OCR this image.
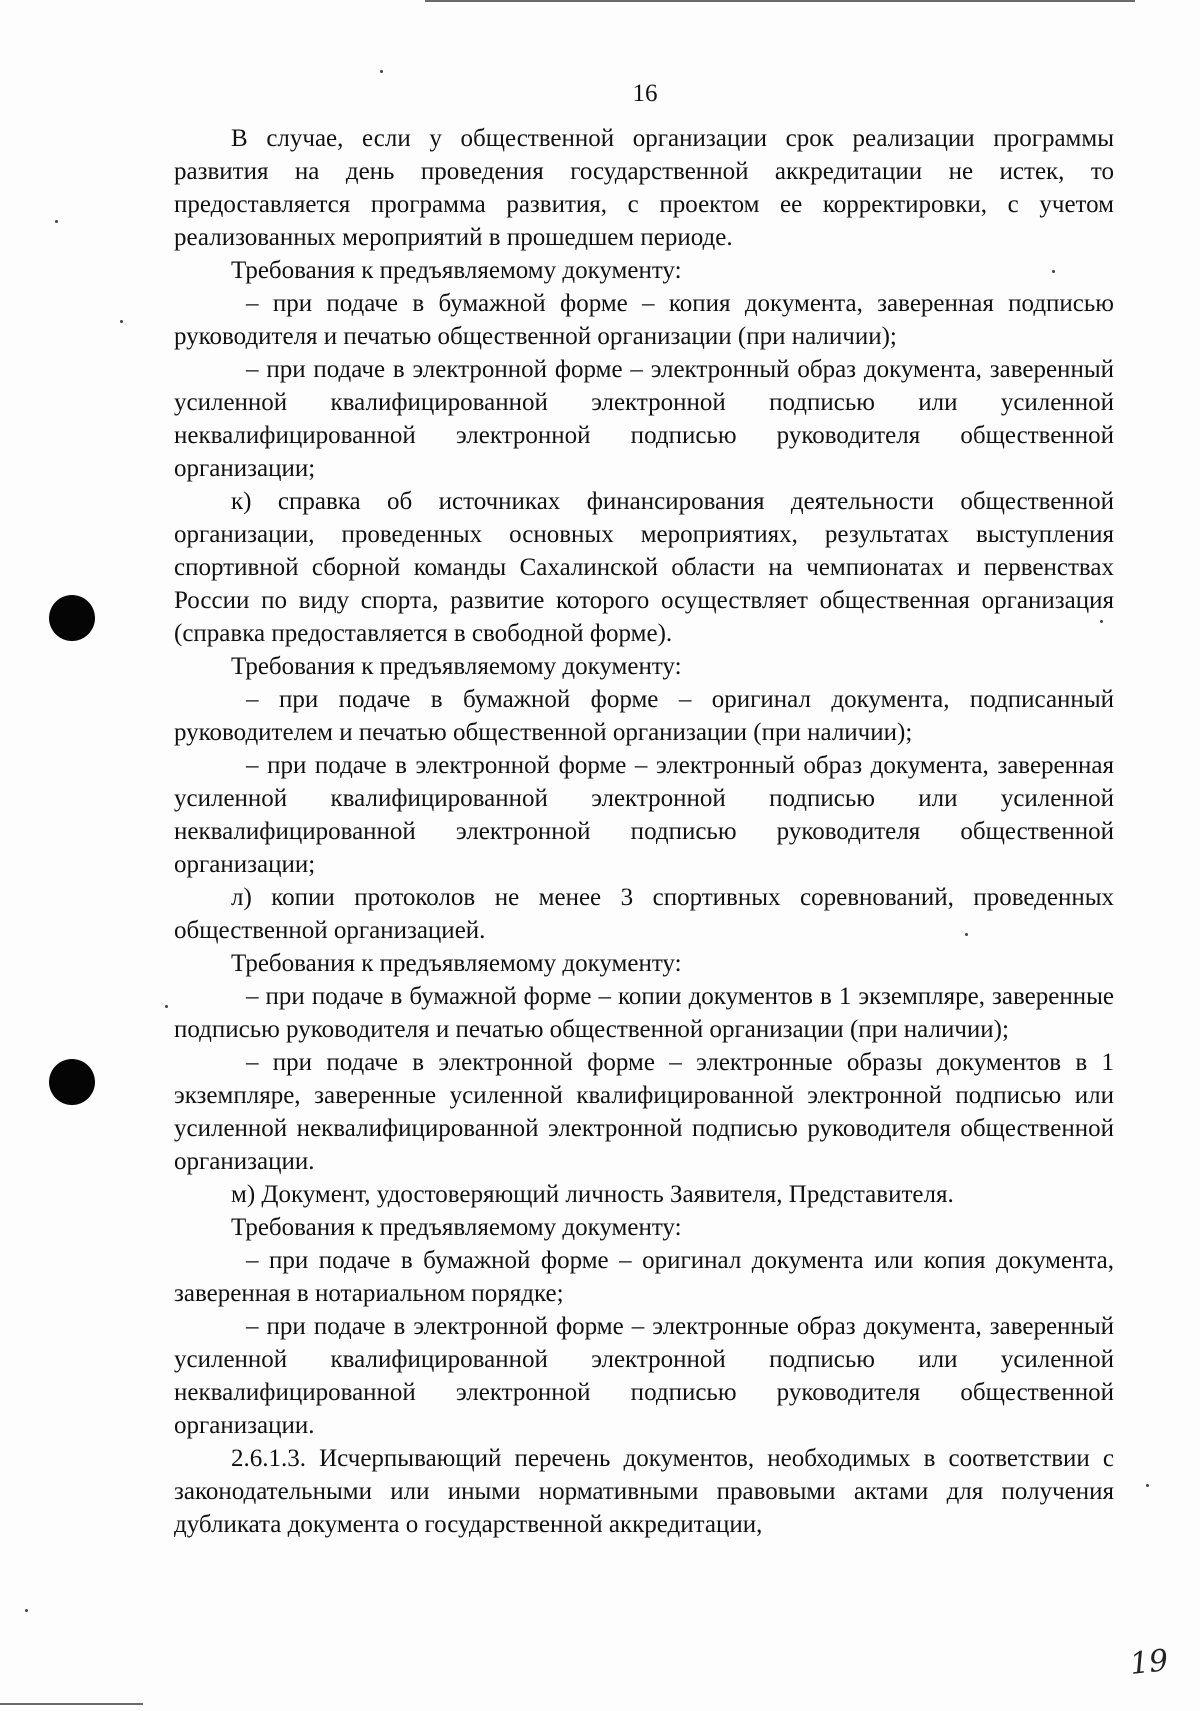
16

В случае, если у общественной организации срок реализации программы развития на день проведения государственной аккредитации не истек, то предоставляется программа развития, с проектом ее корректировки, с учетом реализованных мероприятий в прошедшем периоде.

Требования к предъявляемому документу:

– при подаче в бумажной форме – копия документа, заверенная подписью руководителя и печатью общественной организации (при наличии);

– при подаче в электронной форме – электронный образ документа, заверенный усиленной квалифицированной электронной подписью или усиленной неквалифицированной электронной подписью руководителя общественной организации;

к) справка об источниках финансирования деятельности общественной организации, проведенных основных мероприятиях, результатах выступления спортивной сборной команды Сахалинской области на чемпионатах и первенствах России по виду спорта, развитие которого осуществляет общественная организация (справка предоставляется в свободной форме).

Требования к предъявляемому документу:

– при подаче в бумажной форме – оригинал документа, подписанный руководителем и печатью общественной организации (при наличии);

– при подаче в электронной форме – электронный образ документа, заверенная усиленной квалифицированной электронной подписью или усиленной неквалифицированной электронной подписью руководителя общественной организации;

л) копии протоколов не менее 3 спортивных соревнований, проведенных общественной организацией.

Требования к предъявляемому документу:

– при подаче в бумажной форме – копии документов в 1 экземпляре, заверенные подписью руководителя и печатью общественной организации (при наличии);

– при подаче в электронной форме – электронные образы документов в 1 экземпляре, заверенные усиленной квалифицированной электронной подписью или усиленной неквалифицированной электронной подписью руководителя общественной организации.

м) Документ, удостоверяющий личность Заявителя, Представителя.

Требования к предъявляемому документу:

– при подаче в бумажной форме – оригинал документа или копия документа, заверенная в нотариальном порядке;

– при подаче в электронной форме – электронные образ документа, заверенный усиленной квалифицированной электронной подписью или усиленной неквалифицированной электронной подписью руководителя общественной организации.

2.6.1.3. Исчерпывающий перечень документов, необходимых в соответствии с законодательными или иными нормативными правовыми актами для получения дубликата документа о государственной аккредитации,

19
